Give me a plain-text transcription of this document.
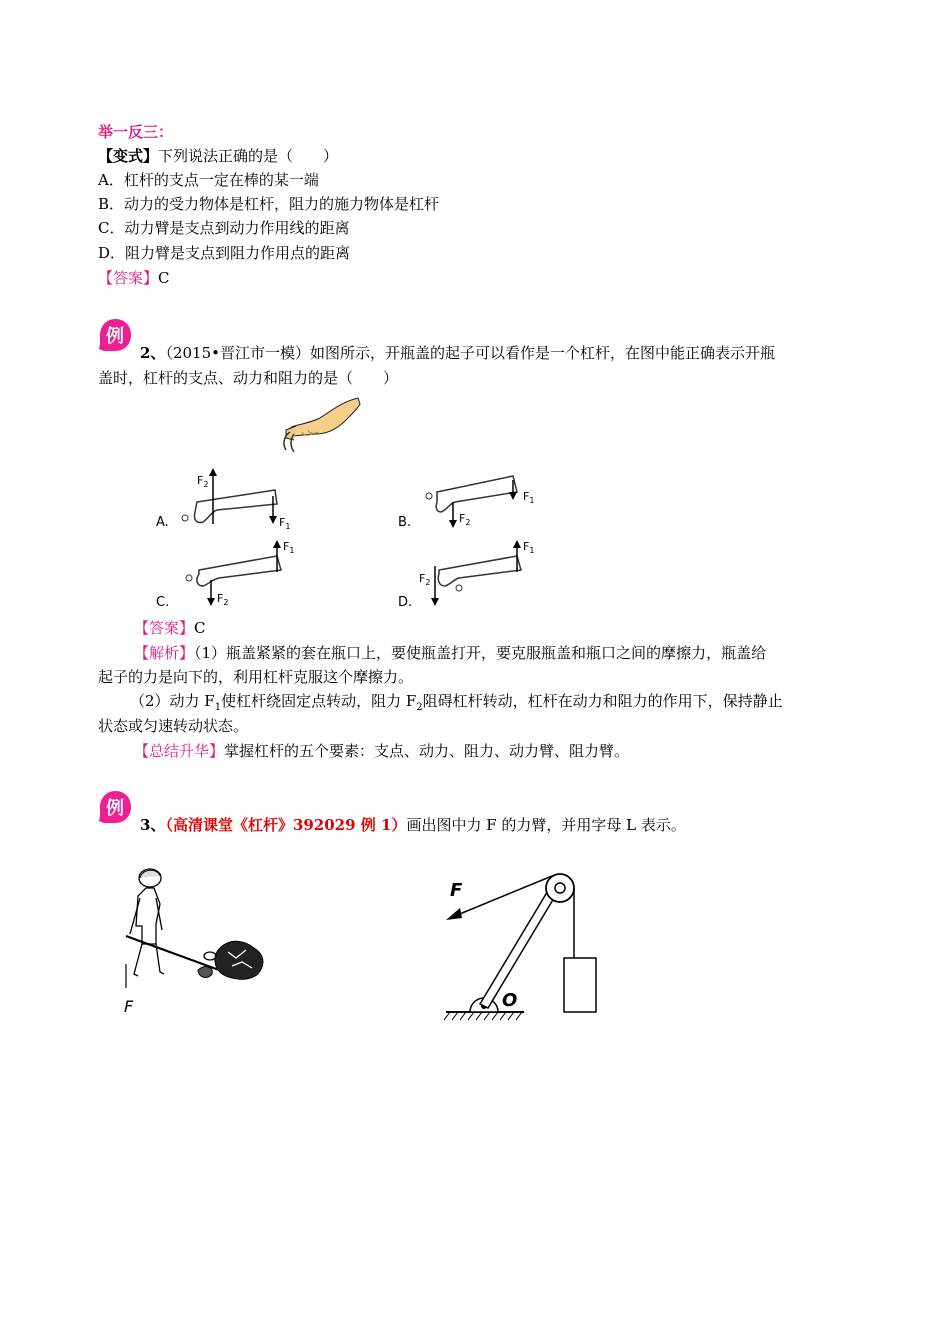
举一反三：
【变式】下列说法正确的是（　　）
A．杠杆的支点一定在棒的某一端
B．动力的受力物体是杠杆，阻力的施力物体是杠杆
C．动力臂是支点到动力作用线的距离
D．阻力臂是支点到阻力作用点的距离
【答案】C
例
2、（2015•晋江市一模）如图所示，开瓶盖的起子可以看作是一个杠杆，在图中能正确表示开瓶
盖时，杠杆的支点、动力和阻力的是（　　）
$F_2$
$F_1$
$F_2$
$F_1$
$F_2$
$F_1$
$F_2$
$F_1$
A.	B.
C.	D.
【答案】C
【解析】（1）瓶盖紧紧的套在瓶口上，要使瓶盖打开，要克服瓶盖和瓶口之间的摩擦力，瓶盖给
起子的力是向下的，利用杠杆克服这个摩擦力。
（2）动力 $F_1$使杠杆绕固定点转动，阻力 $F_2$阻碍杠杆转动，杠杆在动力和阻力的作用下，保持静止
状态或匀速转动状态。
【总结升华】掌握杠杆的五个要素：支点、动力、阻力、动力臂、阻力臂。
例
3、（高清课堂《杠杆》392029 例 1）画出图中力 F 的力臂，并用字母 L 表示。
F
F
O
